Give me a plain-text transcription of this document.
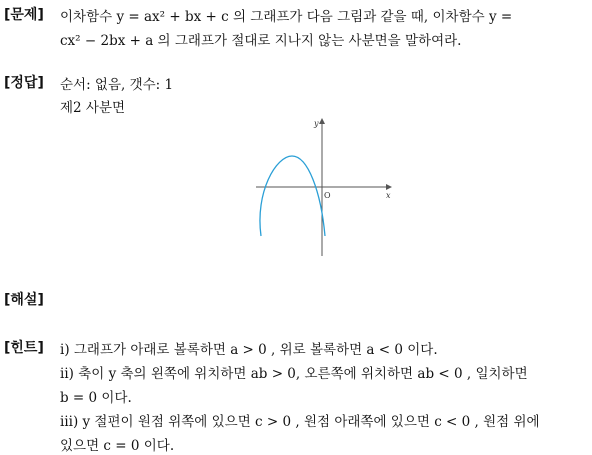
[문제] 이차함수 y = ax² + bx + c 의 그래프가 다음 그림과 같을 때, 이차함수 y =
cx² − 2bx + a 의 그래프가 절대로 지나지 않는 사분면을 말하여라.
[정답] 순서: 없음, 갯수: 1
제2 사분면
y
x
O
[해설]
[힌트] ⅰ) 그래프가 아래로 볼록하면 a > 0 , 위로 볼록하면 a < 0 이다.
ⅱ) 축이 y 축의 왼쪽에 위치하면 ab > 0, 오른쪽에 위치하면 ab < 0 , 일치하면
b = 0 이다.
ⅲ) y 절편이 원점 위쪽에 있으면 c > 0 , 원점 아래쪽에 있으면 c < 0 , 원점 위에
있으면 c = 0 이다.
